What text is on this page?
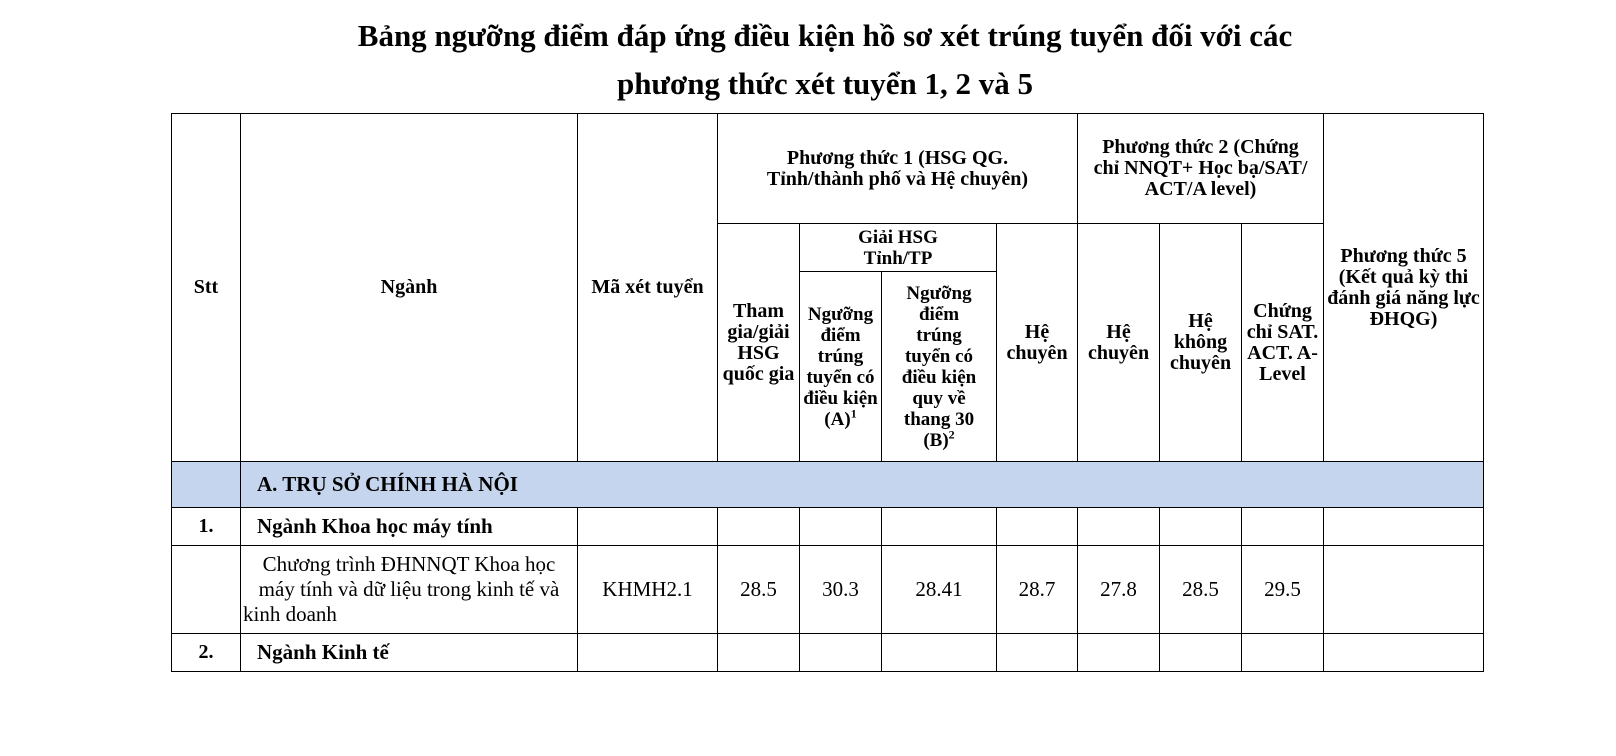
Bảng ngưỡng điểm đáp ứng điều kiện hồ sơ xét trúng tuyển đối với các
phương thức xét tuyển 1, 2 và 5
Stt	Ngành	Mã xét tuyển	Phương thức 1 (HSG QG. Tỉnh/thành phố và Hệ chuyên)				Phương thức 2 (Chứng chỉ NNQT+ Học bạ/SAT/ ACT/A level)			Phương thức 5 (Kết quả kỳ thi đánh giá năng lực ĐHQG)
			Tham gia/giải HSG quốc gia	Giải HSG Tỉnh/TP		Hệ chuyên	Hệ chuyên	Hệ không chuyên	Chứng chỉ SAT. ACT. A-Level	
				Ngưỡng điểm trúng tuyển có điều kiện $(A)^1$	Ngưỡng điểm trúng tuyển có điều kiện quy về thang 30 $(B)^2$
	A. TRỤ SỞ CHÍNH HÀ NỘI									
1.	Ngành Khoa học máy tính									
	Chương trình ĐHNNQT Khoa học máy tính và dữ liệu trong kinh tế và kinh doanh	KHMH2.1	28.5	30.3	28.41	28.7	27.8	28.5	29.5	
2.	Ngành Kinh tế									
